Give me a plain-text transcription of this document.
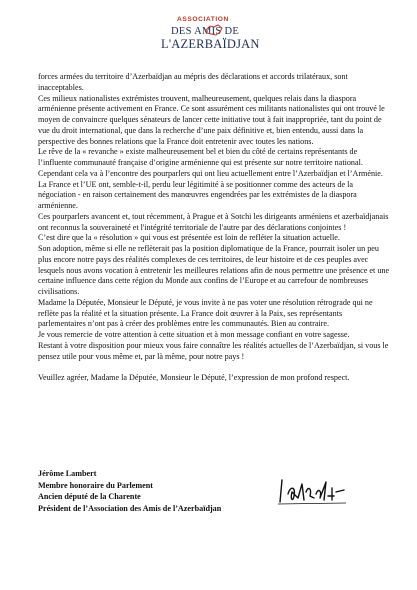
ASSOCIATION
DES AMIS DE
L'AZERBAÏDJAN

forces armées du territoire d’Azerbaïdjan au mépris des déclarations et accords trilatéraux, sont inacceptables.

Ces milieux nationalistes extrémistes trouvent, malheureusement, quelques relais dans la diaspora arménienne présente activement en France. Ce sont assurément ces militants nationalistes qui ont trouvé le moyen de convaincre quelques sénateurs de lancer cette initiative tout à fait inappropriée, tant du point de vue du droit international, que dans la recherche d’une paix définitive et, bien entendu, aussi dans la perspective des bonnes relations que la France doit entretenir avec toutes les nations.

Le rêve de la « revanche » existe malheureusement bel et bien du côté de certains représentants de l’influente communauté française d’origine arménienne qui est présente sur notre territoire national.

Cependant cela va à l’encontre des pourparlers qui ont lieu actuellement entre l’Azerbaïdjan et l’Arménie. La France et l’UE ont, semble-t-il, perdu leur légitimité à se positionner comme des acteurs de la négociation - en raison certainement des manœuvres engendrées par les extrémistes de la diaspora arménienne.

Ces pourparlers avancent et, tout récemment, à Prague et à Sotchi les dirigeants arméniens et azerbaïdjanais ont reconnus la souveraineté et l'intégrité territoriale de l'autre par des déclarations conjointes !

C’est dire que la « résolution » qui vous est présentée est loin de refléter la situation actuelle.

Son adoption, même si elle ne reflèterait pas la position diplomatique de la France, pourrait isoler un peu plus encore notre pays des réalités complexes de ces territoires, de leur histoire et de ces peuples avec lesquels nous avons vocation à entretenir les meilleures relations afin de nous permettre une présence et une certaine influence dans cette région du Monde aux confins de l’Europe et au carrefour de nombreuses civilisations.

Madame la Députée, Monsieur le Député, je vous invite à ne pas voter une résolution rétrograde qui ne reflète pas la réalité et la situation présente. La France doit œuvrer à la Paix, ses représentants parlementaires n’ont pas à créer des problèmes entre les communautés. Bien au contraire.

Je vous remercie de votre attention à cette situation et à mon message confiant en votre sagesse.

Restant à votre disposition pour mieux vous faire connaître les réalités actuelles de l’Azerbaïdjan, si vous le pensez utile pour vous même et, par là même, pour notre pays !

Veuillez agréer, Madame la Députée, Monsieur le Député, l’expression de mon profond respect.

Jérôme Lambert
Membre honoraire du Parlement
Ancien député de la Charente
Président de l’Association des Amis de l’Azerbaïdjan
